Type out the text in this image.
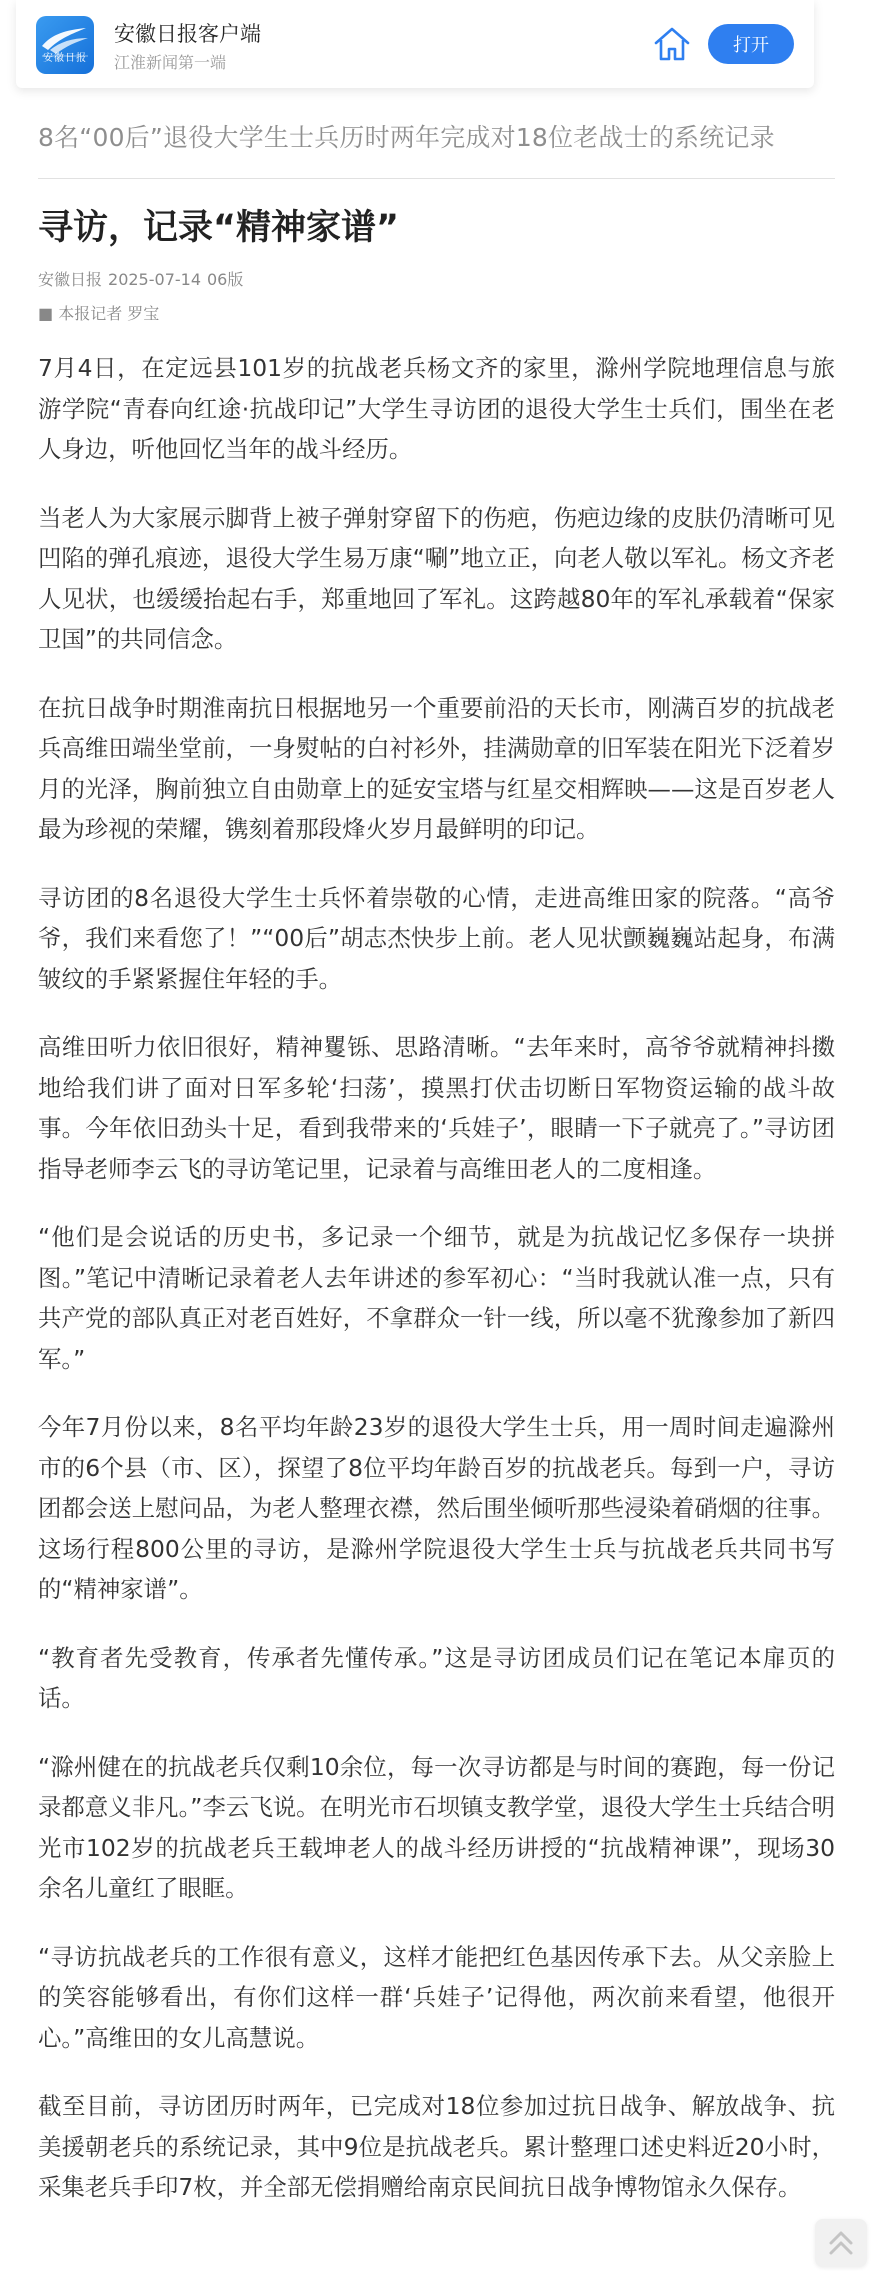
安徽日报
安徽日报客户端
江淮新闻第一端
打开
8名“00后”退役大学生士兵历时两年完成对18位老战士的系统记录
寻访，记录“精神家谱”
安徽日报 2025-07-14 06版
■ 本报记者 罗宝

7月4日，在定远县101岁的抗战老兵杨文齐的家里，滁州学院地理信息与旅游学院“青春向红途·抗战印记”大学生寻访团的退役大学生士兵们，围坐在老人身边，听他回忆当年的战斗经历。

当老人为大家展示脚背上被子弹射穿留下的伤疤，伤疤边缘的皮肤仍清晰可见凹陷的弹孔痕迹，退役大学生易万康“唰”地立正，向老人敬以军礼。杨文齐老人见状，也缓缓抬起右手，郑重地回了军礼。这跨越80年的军礼承载着“保家卫国”的共同信念。

在抗日战争时期淮南抗日根据地另一个重要前沿的天长市，刚满百岁的抗战老兵高维田端坐堂前，一身熨帖的白衬衫外，挂满勋章的旧军装在阳光下泛着岁月的光泽，胸前独立自由勋章上的延安宝塔与红星交相辉映——这是百岁老人最为珍视的荣耀，镌刻着那段烽火岁月最鲜明的印记。

寻访团的8名退役大学生士兵怀着崇敬的心情，走进高维田家的院落。“高爷爷，我们来看您了！”“00后”胡志杰快步上前。老人见状颤巍巍站起身，布满皱纹的手紧紧握住年轻的手。

高维田听力依旧很好，精神矍铄、思路清晰。“去年来时，高爷爷就精神抖擞地给我们讲了面对日军多轮‘扫荡’，摸黑打伏击切断日军物资运输的战斗故事。今年依旧劲头十足，看到我带来的‘兵娃子’，眼睛一下子就亮了。”寻访团指导老师李云飞的寻访笔记里，记录着与高维田老人的二度相逢。

“他们是会说话的历史书，多记录一个细节，就是为抗战记忆多保存一块拼图。”笔记中清晰记录着老人去年讲述的参军初心：“当时我就认准一点，只有共产党的部队真正对老百姓好，不拿群众一针一线，所以毫不犹豫参加了新四军。”

今年7月份以来，8名平均年龄23岁的退役大学生士兵，用一周时间走遍滁州市的6个县（市、区），探望了8位平均年龄百岁的抗战老兵。每到一户，寻访团都会送上慰问品，为老人整理衣襟，然后围坐倾听那些浸染着硝烟的往事。这场行程800公里的寻访，是滁州学院退役大学生士兵与抗战老兵共同书写的“精神家谱”。

“教育者先受教育，传承者先懂传承。”这是寻访团成员们记在笔记本扉页的话。

“滁州健在的抗战老兵仅剩10余位，每一次寻访都是与时间的赛跑，每一份记录都意义非凡。”李云飞说。在明光市石坝镇支教学堂，退役大学生士兵结合明光市102岁的抗战老兵王载坤老人的战斗经历讲授的“抗战精神课”，现场30余名儿童红了眼眶。

“寻访抗战老兵的工作很有意义，这样才能把红色基因传承下去。从父亲脸上的笑容能够看出，有你们这样一群‘兵娃子’记得他，两次前来看望，他很开心。”高维田的女儿高慧说。

截至目前，寻访团历时两年，已完成对18位参加过抗日战争、解放战争、抗美援朝老兵的系统记录，其中9位是抗战老兵。累计整理口述史料近20小时，采集老兵手印7枚，并全部无偿捐赠给南京民间抗日战争博物馆永久保存。
